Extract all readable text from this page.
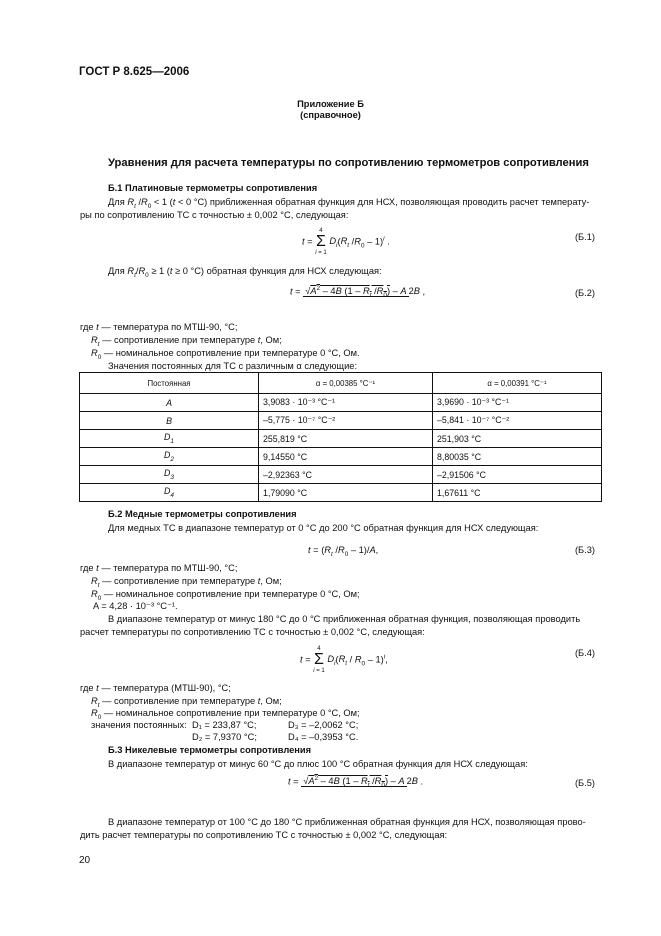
ГОСТ Р 8.625—2006
Приложение Б
(справочное)
Уравнения для расчета температуры по сопротивлению термометров сопротивления
Б.1 Платиновые термометры сопротивления
Для $R_t$ $/R_0 < 1$ (t < 0 °С) приближенная обратная функция для НСХ, позволяющая проводить расчет температу-
ры по сопротивлению ТС с точностью ± 0,002 °С, следующая:
t =
4
Σ
i = 1
$D_i(R_t$ $/R_0 - 1)^i$ .	(Б.1)
Для $R_t/R_0 \ge 1$ (t ≥ 0 °С) обратная функция для НСХ следующая:
$t = √A^2 - 4B$ ($1 - R_t$ $/R_0$) – A 2B ,	(Б.2)
где t — температура по МТШ-90, °С;
$R_t$ — сопротивление при температуре t, Ом;
$R_0$ — номинальное сопротивление при температуре 0 °С, Ом.
Значения постоянных для ТС с различным α следующие:
Постоянная	α = 0,00385 °С⁻¹	α = 0,00391 °С⁻¹
A	3,9083 · 10⁻³ °С⁻¹	3,9690 · 10⁻³ °С⁻¹
B	–5,775 · 10⁻⁷ °С⁻²	–5,841 · 10⁻⁷ °С⁻²
$D_1$	255,819 °С	251,903 °С
$D_2$	9,14550 °С	8,80035 °С
$D_3$	–2,92363 °С	–2,91506 °С
$D_4$	1,79090 °С	1,67611 °С
Б.2 Медные термометры сопротивления
Для медных ТС в диапазоне температур от 0 °С до 200 °С обратная функция для НСХ следующая:
$t = (R_t$ $/R_0 - 1)/A$,	(Б.3)
где t — температура по МТШ-90, °С;
$R_t$ — сопротивление при температуре t, Ом;
$R_0$ — номинальное сопротивление при температуре 0 °С, Ом;
A = 4,28 · 10⁻³ °С⁻¹.
В диапазоне температур от минус 180 °С до 0 °С приближенная обратная функция, позволяющая проводить
расчет температуры по сопротивлению ТС с точностью ± 0,002 °С, следующая:
t =
4
Σ
i = 1
$D_i(R_t / R_0 - 1)^i$,
(Б.4)
где t — температура (МТШ-90), °С;
$R_t$ — сопротивление при температуре t, Ом;
$R_0$ — номинальное сопротивление при температуре 0 °С, Ом;
значения постоянных: D₁ = 233,87 °С;	D₃ = –2,0062 °С;
D₂ = 7,9370 °С;	D₄ = –0,3953 °С.
Б.3 Никелевые термометры сопротивления
В диапазоне температур от минус 60 °С до плюс 100 °С обратная функция для НСХ следующая:
$t = √A^2 - 4B$ ($1 - R_t$ $/R_0$) – A 2B .	(Б.5)
В диапазоне температур от 100 °С до 180 °С приближенная обратная функция для НСХ, позволяющая прово-
дить расчет температуры по сопротивлению ТС с точностью ± 0,002 °С, следующая:
20
